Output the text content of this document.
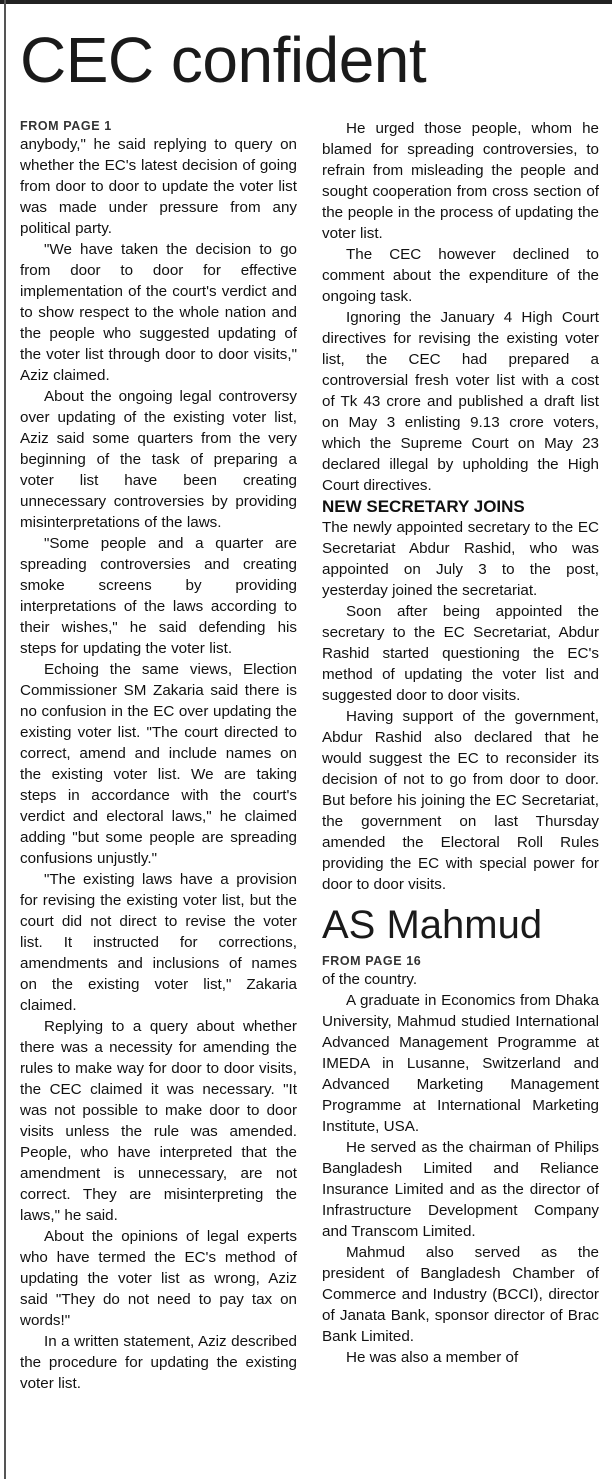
CEC confident
FROM PAGE 1

anybody," he said replying to query on whether the EC's latest decision of going from door to door to update the voter list was made under pressure from any political party.

"We have taken the decision to go from door to door for effective implementation of the court's verdict and to show respect to the whole nation and the people who suggested updating of the voter list through door to door visits," Aziz claimed.

About the ongoing legal controversy over updating of the existing voter list, Aziz said some quarters from the very beginning of the task of preparing a voter list have been creating unnecessary controversies by providing misinterpretations of the laws.

"Some people and a quarter are spreading controversies and creating smoke screens by providing interpretations of the laws according to their wishes," he said defending his steps for updating the voter list.

Echoing the same views, Election Commissioner SM Zakaria said there is no confusion in the EC over updating the existing voter list. "The court directed to correct, amend and include names on the existing voter list. We are taking steps in accordance with the court's verdict and electoral laws," he claimed adding "but some people are spreading confusions unjustly."

"The existing laws have a provision for revising the existing voter list, but the court did not direct to revise the voter list. It instructed for corrections, amendments and inclusions of names on the existing voter list," Zakaria claimed.

Replying to a query about whether there was a necessity for amending the rules to make way for door to door visits, the CEC claimed it was necessary. "It was not possible to make door to door visits unless the rule was amended. People, who have interpreted that the amendment is unnecessary, are not correct. They are misinterpreting the laws," he said.

About the opinions of legal experts who have termed the EC's method of updating the voter list as wrong, Aziz said "They do not need to pay tax on words!"

In a written statement, Aziz described the procedure for updating the existing voter list.

He urged those people, whom he blamed for spreading controversies, to refrain from misleading the people and sought cooperation from cross section of the people in the process of updating the voter list.

The CEC however declined to comment about the expenditure of the ongoing task.

Ignoring the January 4 High Court directives for revising the existing voter list, the CEC had prepared a controversial fresh voter list with a cost of Tk 43 crore and published a draft list on May 3 enlisting 9.13 crore voters, which the Supreme Court on May 23 declared illegal by upholding the High Court directives.

NEW SECRETARY JOINS

The newly appointed secretary to the EC Secretariat Abdur Rashid, who was appointed on July 3 to the post, yesterday joined the secretariat.

Soon after being appointed the secretary to the EC Secretariat, Abdur Rashid started questioning the EC's method of updating the voter list and suggested door to door visits.

Having support of the government, Abdur Rashid also declared that he would suggest the EC to reconsider its decision of not to go from door to door. But before his joining the EC Secretariat, the government on last Thursday amended the Electoral Roll Rules providing the EC with special power for door to door visits.

AS Mahmud
FROM PAGE 16

of the country.

A graduate in Economics from Dhaka University, Mahmud studied International Advanced Management Programme at IMEDA in Lusanne, Switzerland and Advanced Marketing Management Programme at International Marketing Institute, USA.

He served as the chairman of Philips Bangladesh Limited and Reliance Insurance Limited and as the director of Infrastructure Development Company and Transcom Limited.

Mahmud also served as the president of Bangladesh Chamber of Commerce and Industry (BCCI), director of Janata Bank, sponsor director of Brac Bank Limited.

He was also a member of
